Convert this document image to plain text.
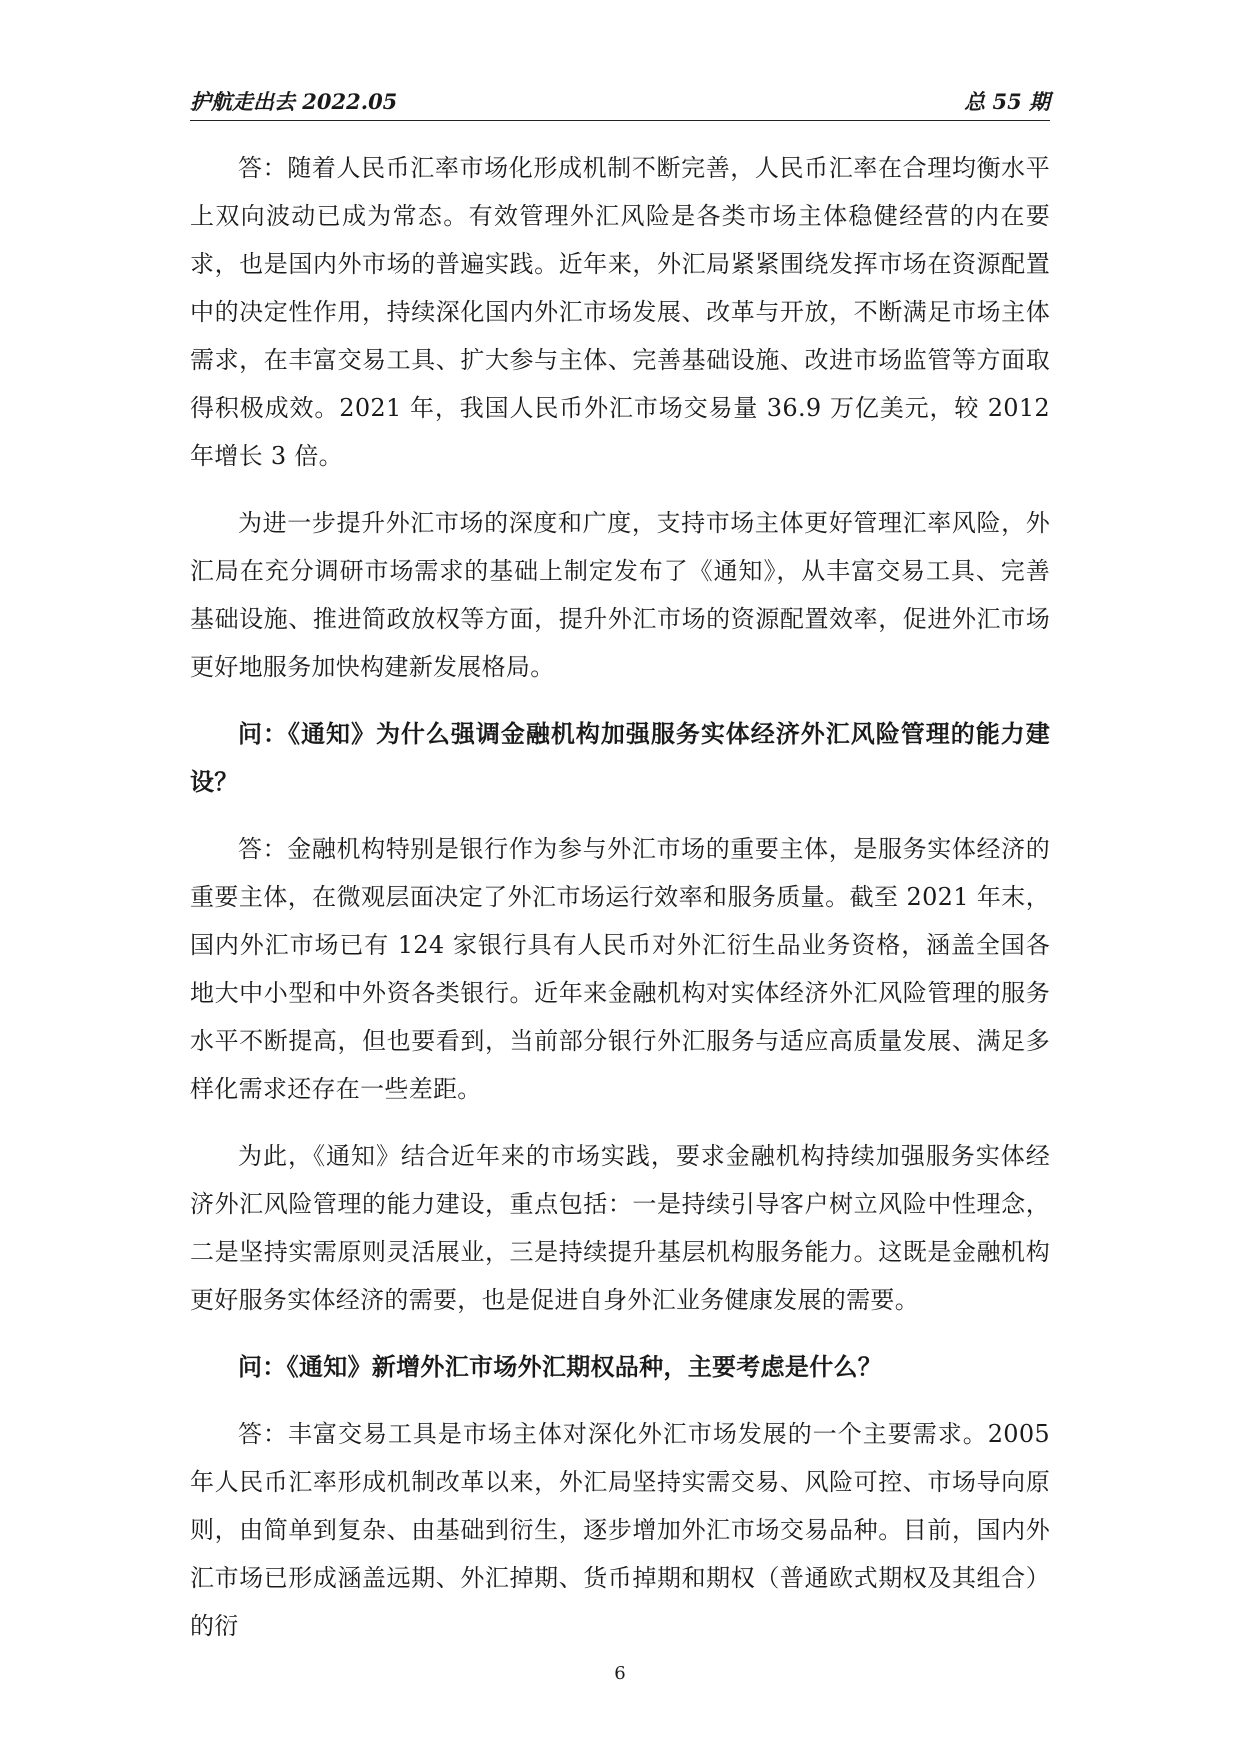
护航走出去 2022.05	总 55 期

答：随着人民币汇率市场化形成机制不断完善，人民币汇率在合理均衡水平上双向波动已成为常态。有效管理外汇风险是各类市场主体稳健经营的内在要求，也是国内外市场的普遍实践。近年来，外汇局紧紧围绕发挥市场在资源配置中的决定性作用，持续深化国内外汇市场发展、改革与开放，不断满足市场主体需求，在丰富交易工具、扩大参与主体、完善基础设施、改进市场监管等方面取得积极成效。2021 年，我国人民币外汇市场交易量 36.9 万亿美元，较 2012 年增长 3 倍。

为进一步提升外汇市场的深度和广度，支持市场主体更好管理汇率风险，外汇局在充分调研市场需求的基础上制定发布了《通知》，从丰富交易工具、完善基础设施、推进简政放权等方面，提升外汇市场的资源配置效率，促进外汇市场更好地服务加快构建新发展格局。

问：《通知》为什么强调金融机构加强服务实体经济外汇风险管理的能力建设？

答：金融机构特别是银行作为参与外汇市场的重要主体，是服务实体经济的重要主体，在微观层面决定了外汇市场运行效率和服务质量。截至 2021 年末，国内外汇市场已有 124 家银行具有人民币对外汇衍生品业务资格，涵盖全国各地大中小型和中外资各类银行。近年来金融机构对实体经济外汇风险管理的服务水平不断提高，但也要看到，当前部分银行外汇服务与适应高质量发展、满足多样化需求还存在一些差距。

为此，《通知》结合近年来的市场实践，要求金融机构持续加强服务实体经济外汇风险管理的能力建设，重点包括：一是持续引导客户树立风险中性理念，二是坚持实需原则灵活展业，三是持续提升基层机构服务能力。这既是金融机构更好服务实体经济的需要，也是促进自身外汇业务健康发展的需要。

问：《通知》新增外汇市场外汇期权品种，主要考虑是什么？

答：丰富交易工具是市场主体对深化外汇市场发展的一个主要需求。2005 年人民币汇率形成机制改革以来，外汇局坚持实需交易、风险可控、市场导向原则，由简单到复杂、由基础到衍生，逐步增加外汇市场交易品种。目前，国内外汇市场已形成涵盖远期、外汇掉期、货币掉期和期权（普通欧式期权及其组合）的衍

6
